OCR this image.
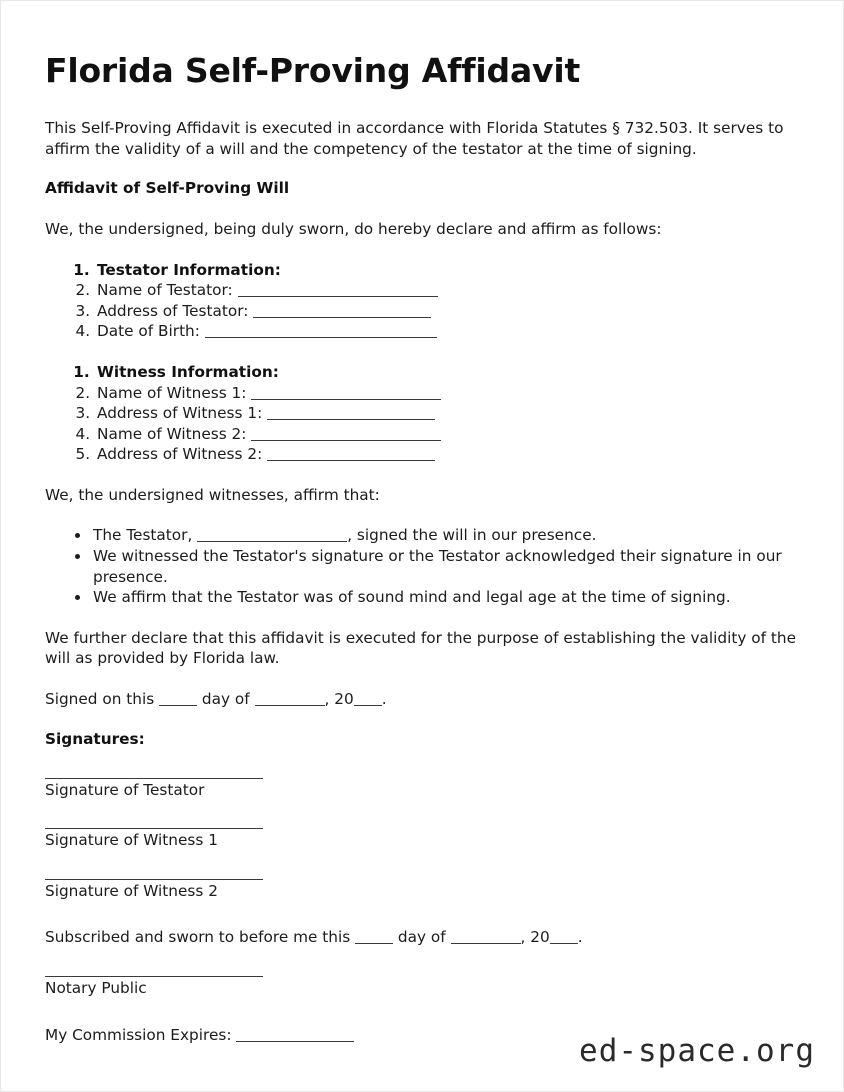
Florida Self-Proving Affidavit

This Self-Proving Affidavit is executed in accordance with Florida Statutes § 732.503. It serves to affirm the validity of a will and the competency of the testator at the time of signing.

Affidavit of Self-Proving Will

We, the undersigned, being duly sworn, do hereby declare and affirm as follows:

1. Testator Information:
2. Name of Testator:
3. Address of Testator:
4. Date of Birth:
1. Witness Information:
2. Name of Witness 1:
3. Address of Witness 1:
4. Name of Witness 2:
5. Address of Witness 2:

We, the undersigned witnesses, affirm that:

• The Testator,	, signed the will in our presence.
• We witnessed the Testator's signature or the Testator acknowledged their signature in our presence.
• We affirm that the Testator was of sound mind and legal age at the time of signing.

We further declare that this affidavit is executed for the purpose of establishing the validity of the will as provided by Florida law.

Signed on this  day of	, 20 .

Signatures:
Signature of Testator
Signature of Witness 1
Signature of Witness 2

Subscribed and sworn to before me this  day of	, 20 .

Notary Public

My Commission Expires:	ed-space.org
